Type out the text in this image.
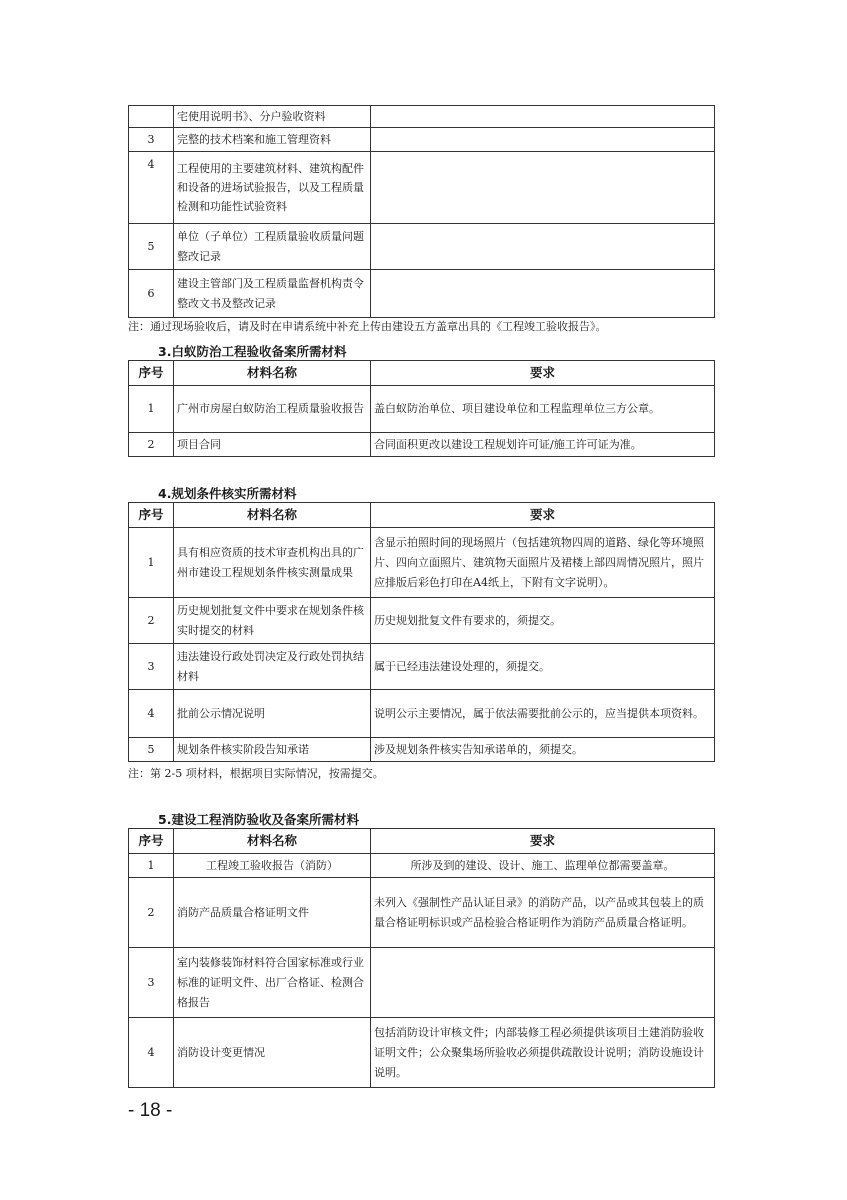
	宅使用说明书》、分户验收资料	
3	完整的技术档案和施工管理资料	
4	工程使用的主要建筑材料、建筑构配件和设备的进场试验报告，以及工程质量检测和功能性试验资料	
5	单位（子单位）工程质量验收质量问题整改记录	
6	建设主管部门及工程质量监督机构责令整改文书及整改记录	
注：通过现场验收后，请及时在申请系统中补充上传由建设五方盖章出具的《工程竣工验收报告》。
3.白蚁防治工程验收备案所需材料
序号	材料名称	要求
1	广州市房屋白蚁防治工程质量验收报告	盖白蚁防治单位、项目建设单位和工程监理单位三方公章。
2	项目合同	合同面积更改以建设工程规划许可证/施工许可证为准。
4.规划条件核实所需材料
序号	材料名称	要求
1	具有相应资质的技术审查机构出具的广州市建设工程规划条件核实测量成果	含显示拍照时间的现场照片（包括建筑物四周的道路、绿化等环境照片、四向立面照片、建筑物天面照片及裙楼上部四周情况照片，照片应排版后彩色打印在A4纸上，下附有文字说明）。
2	历史规划批复文件中要求在规划条件核实时提交的材料	历史规划批复文件有要求的，须提交。
3	违法建设行政处罚决定及行政处罚执结材料	属于已经违法建设处理的，须提交。
4	批前公示情况说明	说明公示主要情况，属于依法需要批前公示的，应当提供本项资料。
5	规划条件核实阶段告知承诺	涉及规划条件核实告知承诺单的，须提交。
注：第 2-5 项材料，根据项目实际情况，按需提交。
5.建设工程消防验收及备案所需材料
序号	材料名称	要求
1	工程竣工验收报告（消防）	所涉及到的建设、设计、施工、监理单位都需要盖章。
2	消防产品质量合格证明文件	未列入《强制性产品认证目录》的消防产品，以产品或其包装上的质量合格证明标识或产品检验合格证明作为消防产品质量合格证明。
3	室内装修装饰材料符合国家标准或行业标准的证明文件、出厂合格证、检测合格报告	
4	消防设计变更情况	包括消防设计审核文件；内部装修工程必须提供该项目土建消防验收证明文件；公众聚集场所验收必须提供疏散设计说明；消防设施设计说明。
- 18 -
